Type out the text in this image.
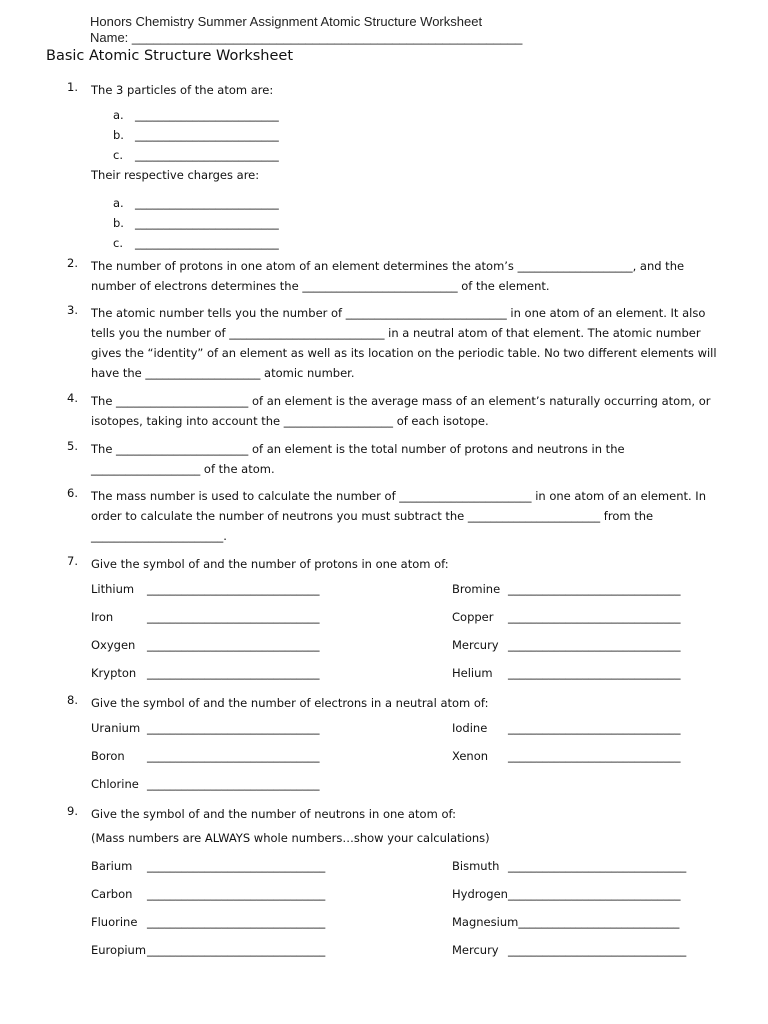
Honors Chemistry Summer Assignment Atomic Structure Worksheet
Name: ______________________________________________________
Basic Atomic Structure Worksheet
1. The 3 particles of the atom are:
a. _________________________
b. _________________________
c. _________________________
Their respective charges are:
a. _________________________
b. _________________________
c. _________________________
2. The number of protons in one atom of an element determines the atom’s ____________________, and the number of electrons determines the ___________________________ of the element.
3. The atomic number tells you the number of ____________________________ in one atom of an element. It also tells you the number of ___________________________ in a neutral atom of that element. The atomic number gives the “identity” of an element as well as its location on the periodic table. No two different elements will have the ____________________ atomic number.
4. The _______________________ of an element is the average mass of an element’s naturally occurring atom, or isotopes, taking into account the ___________________ of each isotope.
5. The _______________________ of an element is the total number of protons and neutrons in the ___________________ of the atom.
6. The mass number is used to calculate the number of _______________________ in one atom of an element. In order to calculate the number of neutrons you must subtract the _______________________ from the _______________________.
7. Give the symbol of and the number of protons in one atom of:
Lithium ______________________________
Iron	______________________________
Oxygen ______________________________
Krypton ______________________________
Bromine ______________________________
Copper ______________________________
Mercury ______________________________
Helium ______________________________
8. Give the symbol of and the number of electrons in a neutral atom of:
Uranium ______________________________
Boron ______________________________
Chlorine ______________________________
Iodine ______________________________
Xenon ______________________________
9. Give the symbol of and the number of neutrons in one atom of:
(Mass numbers are ALWAYS whole numbers…show your calculations)
Barium _______________________________
Carbon _______________________________
Fluorine _______________________________
Europium_______________________________
Bismuth _______________________________
Hydrogen______________________________
Magnesium____________________________
Mercury _______________________________
